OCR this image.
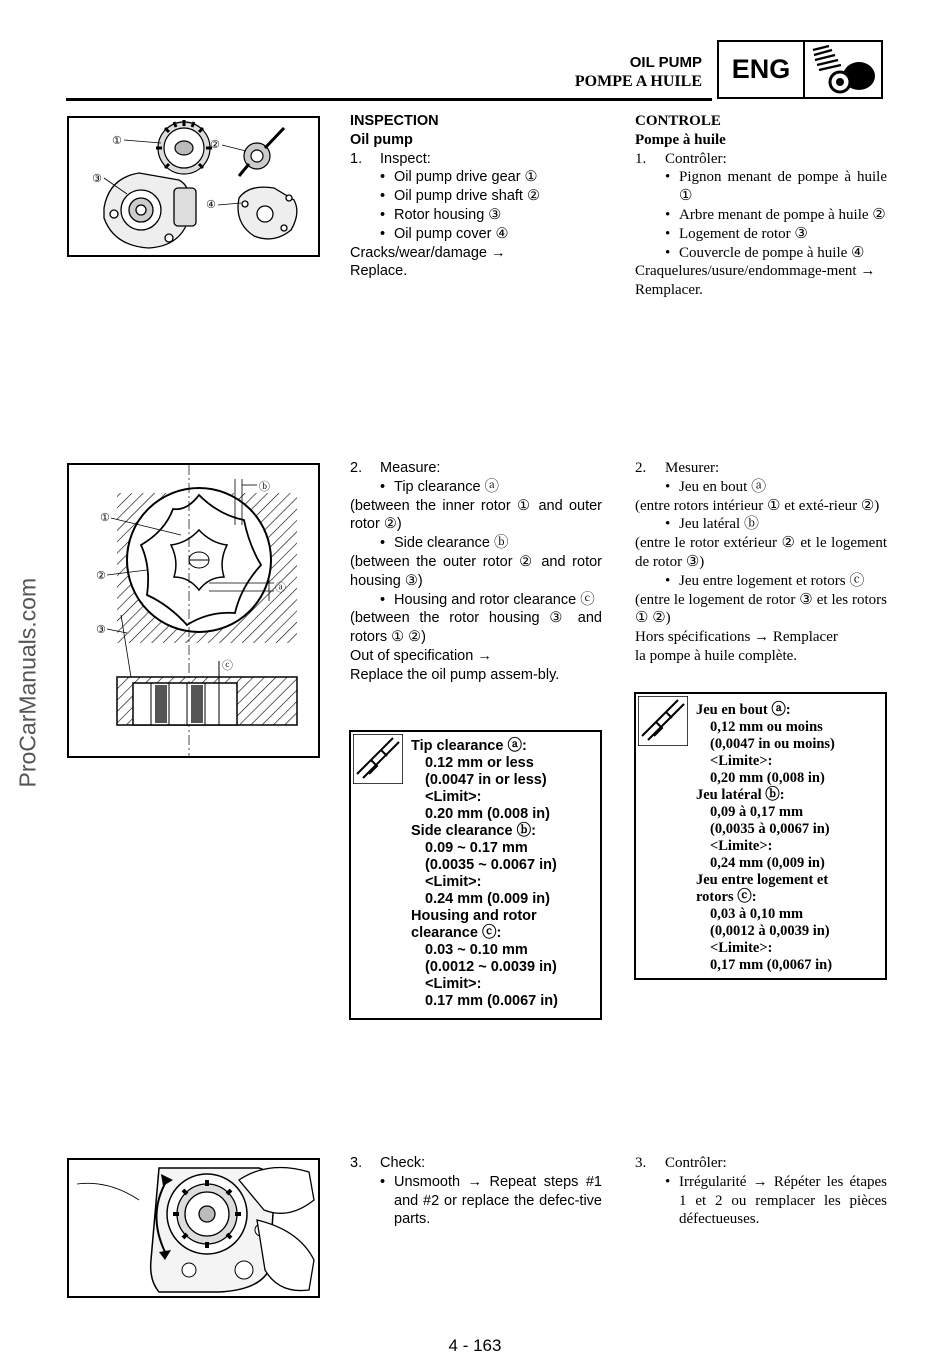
OIL PUMP
POMPE A HUILE	ENG
ProCarManuals.com
①	②
③
④

INSPECTION

Oil pump

1.	Inspect:
• Oil pump drive gear ①
• Oil pump drive shaft ②
• Rotor housing ③
• Oil pump cover ④

Cracks/wear/damage →

Replace.

CONTROLE

Pompe à huile

1.	Contrôler:
• Pignon menant de pompe à huile ①
• Arbre menant de pompe à huile ②
• Logement de rotor ③
• Couvercle de pompe à huile ④

Craquelures/usure/endommage-ment → Remplacer.

①
②
③
ⓐ
ⓑ
ⓒ
2.	Measure:
• Tip clearance ⓐ

(between the inner rotor ① and outer rotor ②)

• Side clearance ⓑ

(between the outer rotor ② and rotor housing ③)

• Housing and rotor clearance ⓒ

(between the rotor housing ③ and rotors ① ②)

Out of specification →

Replace the oil pump assem-bly.

2.	Mesurer:
• Jeu en bout ⓐ

(entre rotors intérieur ① et exté-rieur ②)

• Jeu latéral ⓑ

(entre le rotor extérieur ② et le logement de rotor ③)

• Jeu entre logement et rotors ⓒ

(entre le logement de rotor ③ et les rotors ① ②)

Hors spécifications → Remplacer

la pompe à huile complète.

Tip clearance ⓐ:
0.12 mm or less
(0.0047 in or less)
<Limit>:
0.20 mm (0.008 in)
Side clearance ⓑ:
0.09 ~ 0.17 mm
(0.0035 ~ 0.0067 in)
<Limit>:
0.24 mm (0.009 in)
Housing and rotor
clearance ⓒ:
0.03 ~ 0.10 mm
(0.0012 ~ 0.0039 in)
<Limit>:
0.17 mm (0.0067 in)
Jeu en bout ⓐ:
0,12 mm ou moins
(0,0047 in ou moins)
<Limite>:
0,20 mm (0,008 in)
Jeu latéral ⓑ:
0,09 à 0,17 mm
(0,0035 à 0,0067 in)
<Limite>:
0,24 mm (0,009 in)
Jeu entre logement et
rotors ⓒ:
0,03 à 0,10 mm
(0,0012 à 0,0039 in)
<Limite>:
0,17 mm (0,0067 in)
3.	Check:
• Unsmooth → Repeat steps #1 and #2 or replace the defec-tive parts.
3.	Contrôler:
• Irrégularité → Répéter les étapes 1 et 2 ou remplacer les pièces défectueuses.
4 - 163
